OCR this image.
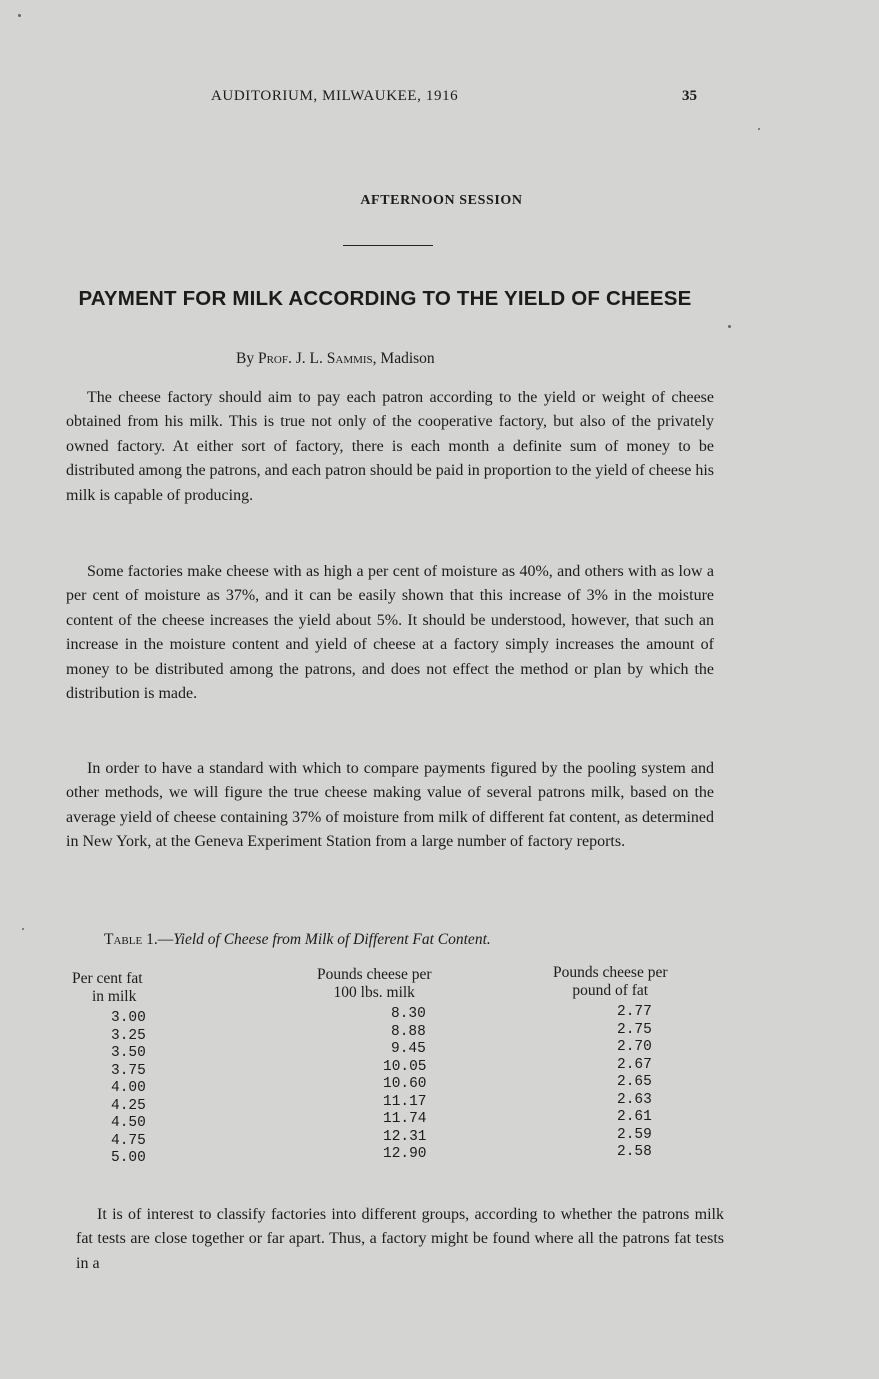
AUDITORIUM, MILWAUKEE, 1916	35
AFTERNOON SESSION
PAYMENT FOR MILK ACCORDING TO THE YIELD OF CHEESE
By Prof. J. L. Sammis, Madison

The cheese factory should aim to pay each patron according to the yield or weight of cheese obtained from his milk. This is true not only of the cooperative factory, but also of the privately owned factory. At either sort of factory, there is each month a definite sum of money to be distributed among the patrons, and each patron should be paid in proportion to the yield of cheese his milk is capable of producing.

Some factories make cheese with as high a per cent of moisture as 40%, and others with as low a per cent of moisture as 37%, and it can be easily shown that this increase of 3% in the moisture content of the cheese increases the yield about 5%. It should be understood, however, that such an increase in the moisture content and yield of cheese at a factory simply increases the amount of money to be distributed among the patrons, and does not effect the method or plan by which the distribution is made.

In order to have a standard with which to compare payments figured by the pooling system and other methods, we will figure the true cheese making value of several patrons milk, based on the average yield of cheese containing 37% of moisture from milk of different fat content, as determined in New York, at the Geneva Experiment Station from a large number of factory reports.

Table 1.—Yield of Cheese from Milk of Different Fat Content.
Per cent fat
in milk
Pounds cheese per
100 lbs. milk
Pounds cheese per
pound of fat
3.00
3.25
3.50
3.75
4.00
4.25
4.50
4.75
5.00
8.30
8.88
9.45
10.05
10.60
11.17
11.74
12.31
12.90
2.77
2.75
2.70
2.67
2.65
2.63
2.61
2.59
2.58

It is of interest to classify factories into different groups, according to whether the patrons milk fat tests are close together or far apart. Thus, a factory might be found where all the patrons fat tests in a
